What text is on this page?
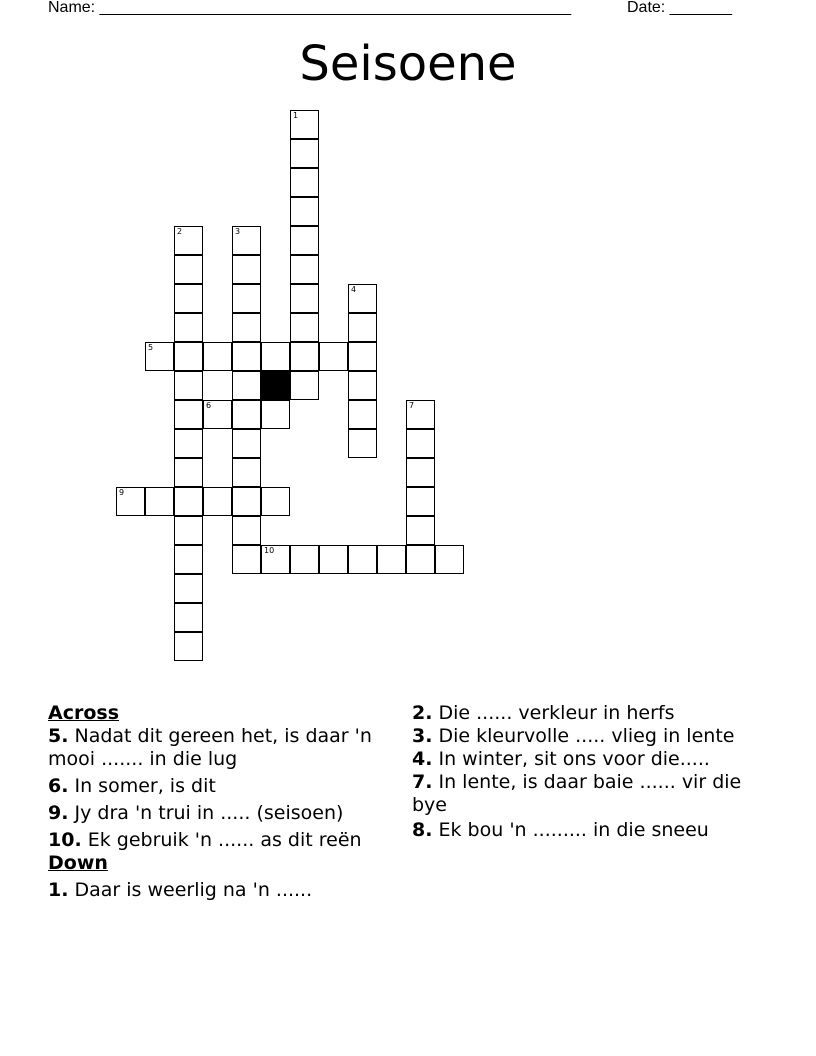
Name: _____________________________________________________	Date: _______
Seisoene
1
2	3
4
5
6	7
9
10

Across

5. Nadat dit gereen het, is daar 'n mooi ....... in die lug

6. In somer, is dit

9. Jy dra 'n trui in ..... (seisoen)

10. Ek gebruik 'n ...... as dit reën

Down

1. Daar is weerlig na 'n ......

2. Die ...... verkleur in herfs

3. Die kleurvolle ..... vlieg in lente

4. In winter, sit ons voor die.....

7. In lente, is daar baie ...... vir die bye

8. Ek bou 'n ......... in die sneeu
